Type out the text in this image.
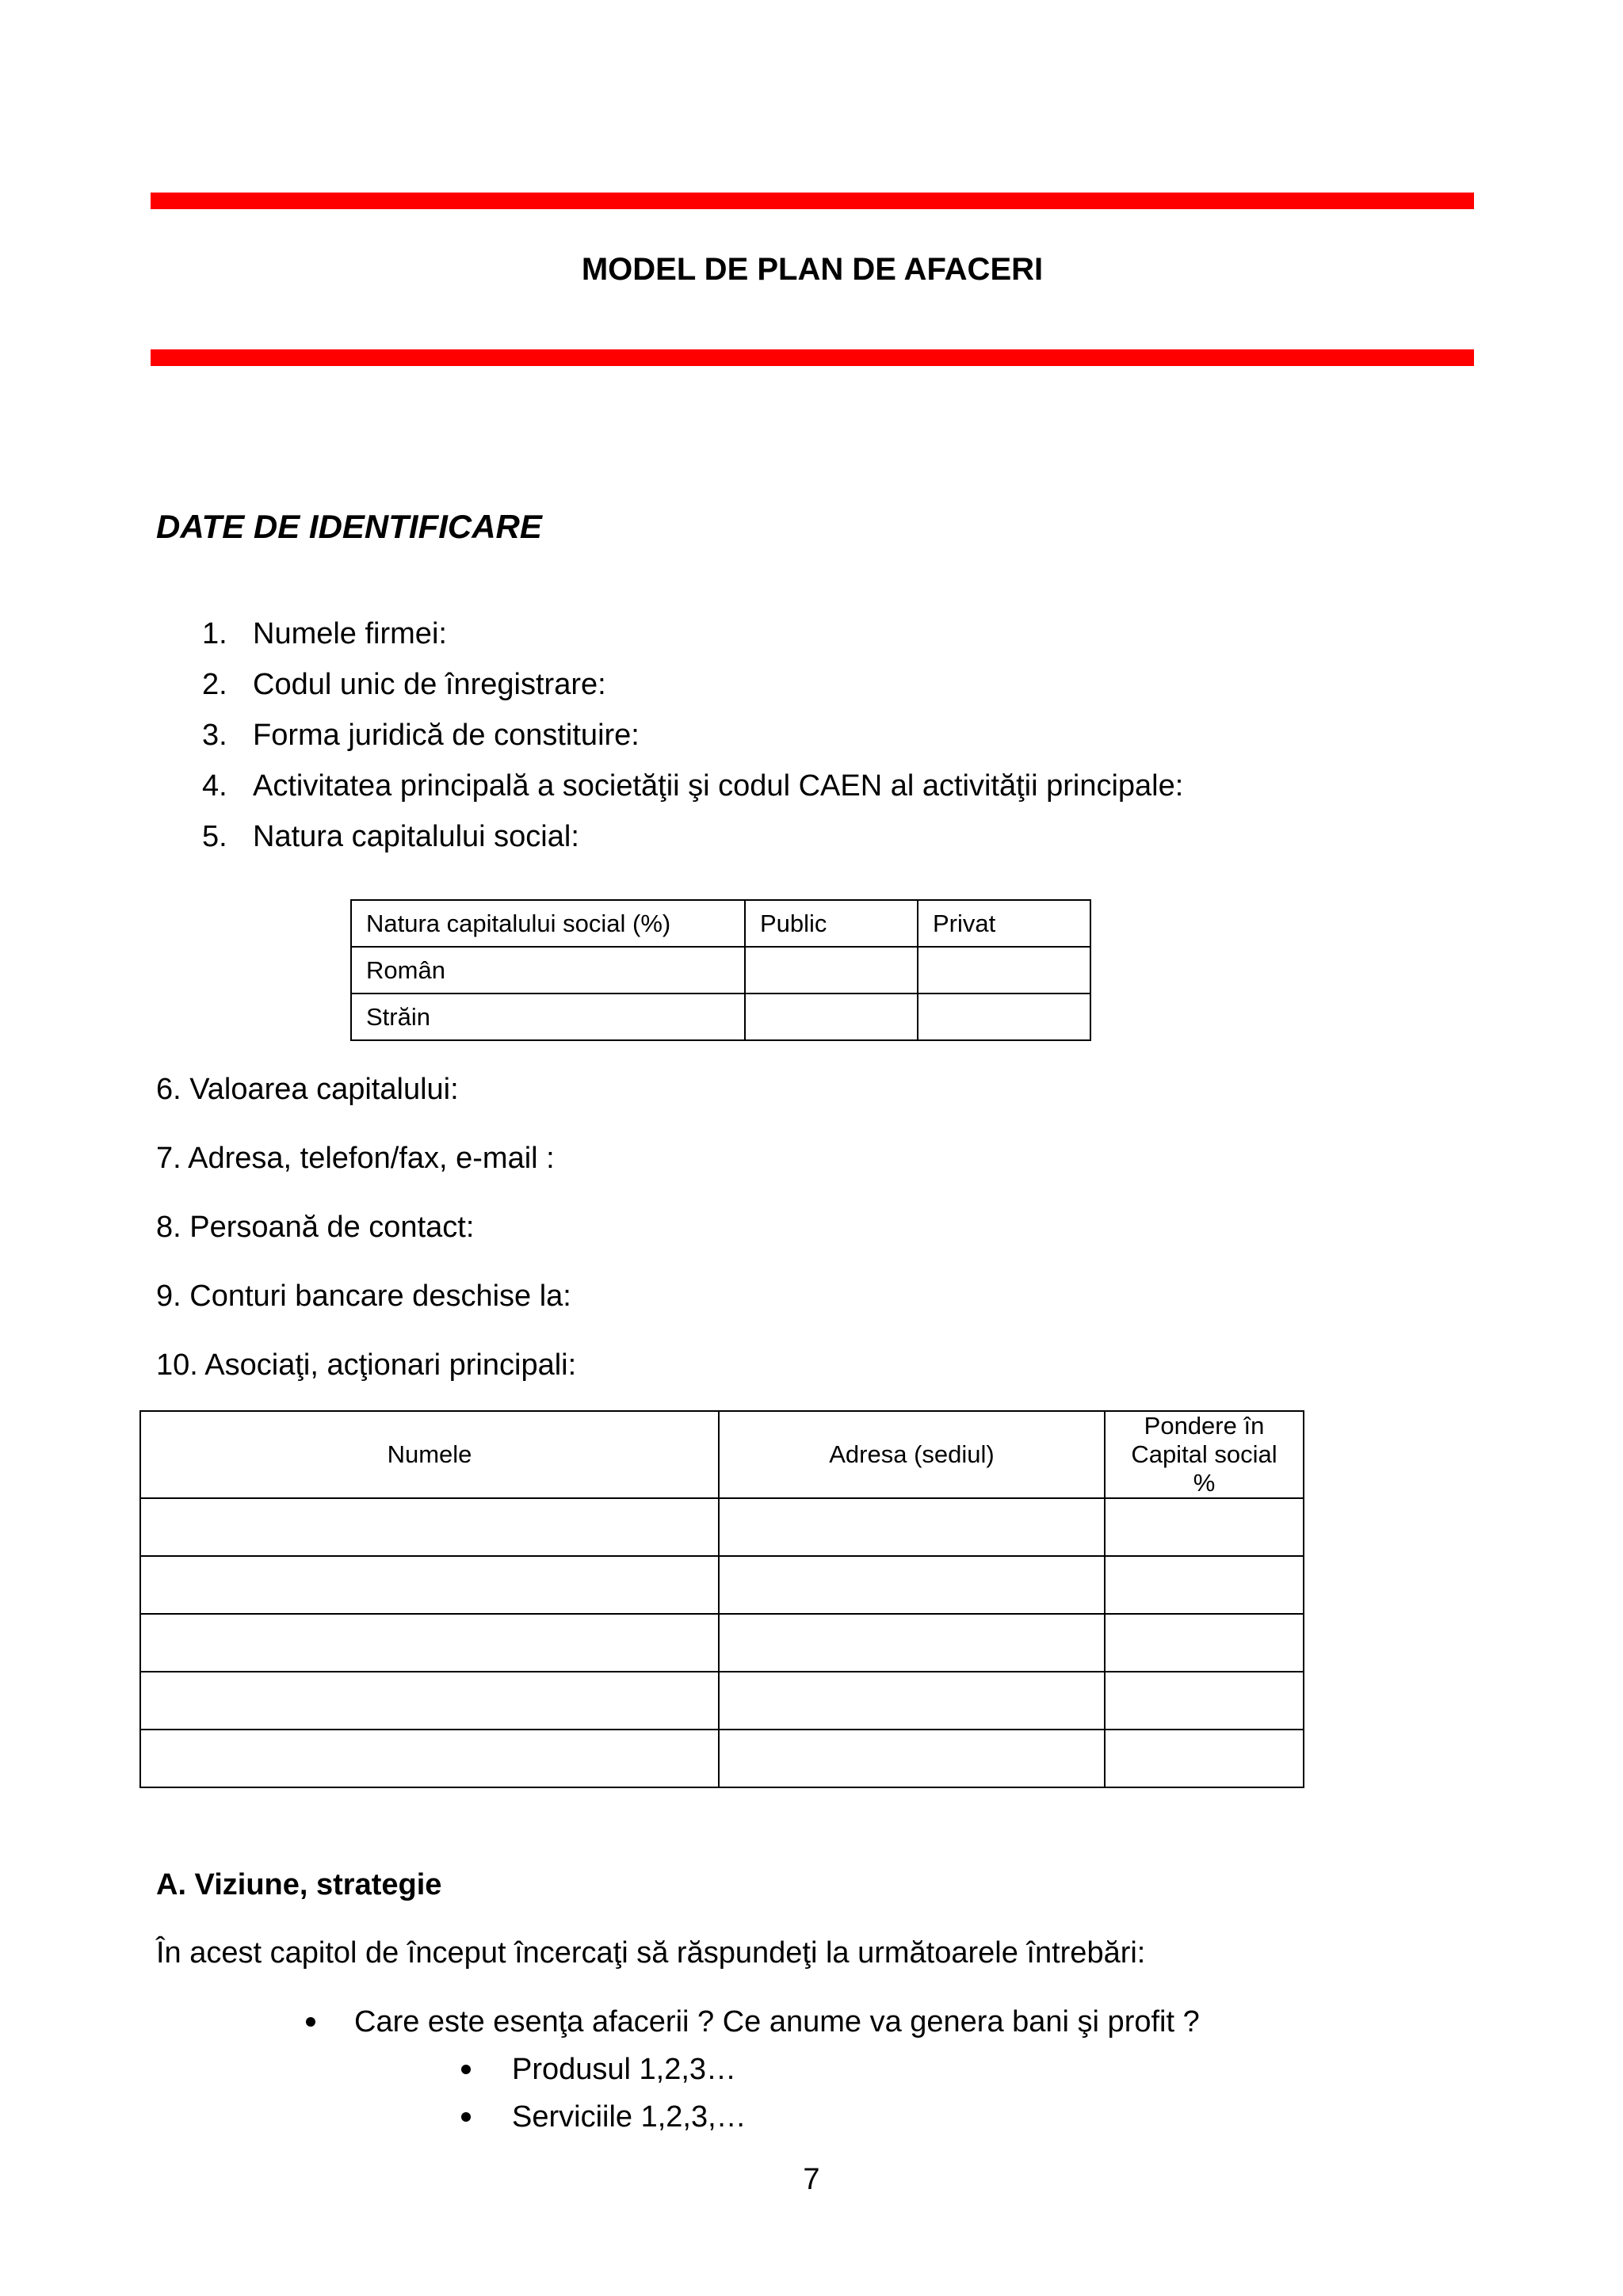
MODEL DE PLAN DE AFACERI
DATE DE IDENTIFICARE
1. Numele firmei:
2. Codul unic de înregistrare:
3. Forma juridică de constituire:
4. Activitatea principală a societăţii şi codul CAEN al activităţii principale:
5. Natura capitalului social:
Natura capitalului social (%)	Public	Privat
Român		
Străin		
6. Valoarea capitalului:
7. Adresa, telefon/fax, e-mail :
8. Persoană de contact:
9. Conturi bancare deschise la:
10. Asociaţi, acţionari principali:
Numele	Adresa (sediul)	Pondere în Capital social %

A. Viziune, strategie
În acest capitol de început încercaţi să răspundeţi la următoarele întrebări:
Care este esenţa afacerii ? Ce anume va genera bani şi profit ?
Produsul 1,2,3…
Serviciile 1,2,3,…
7
